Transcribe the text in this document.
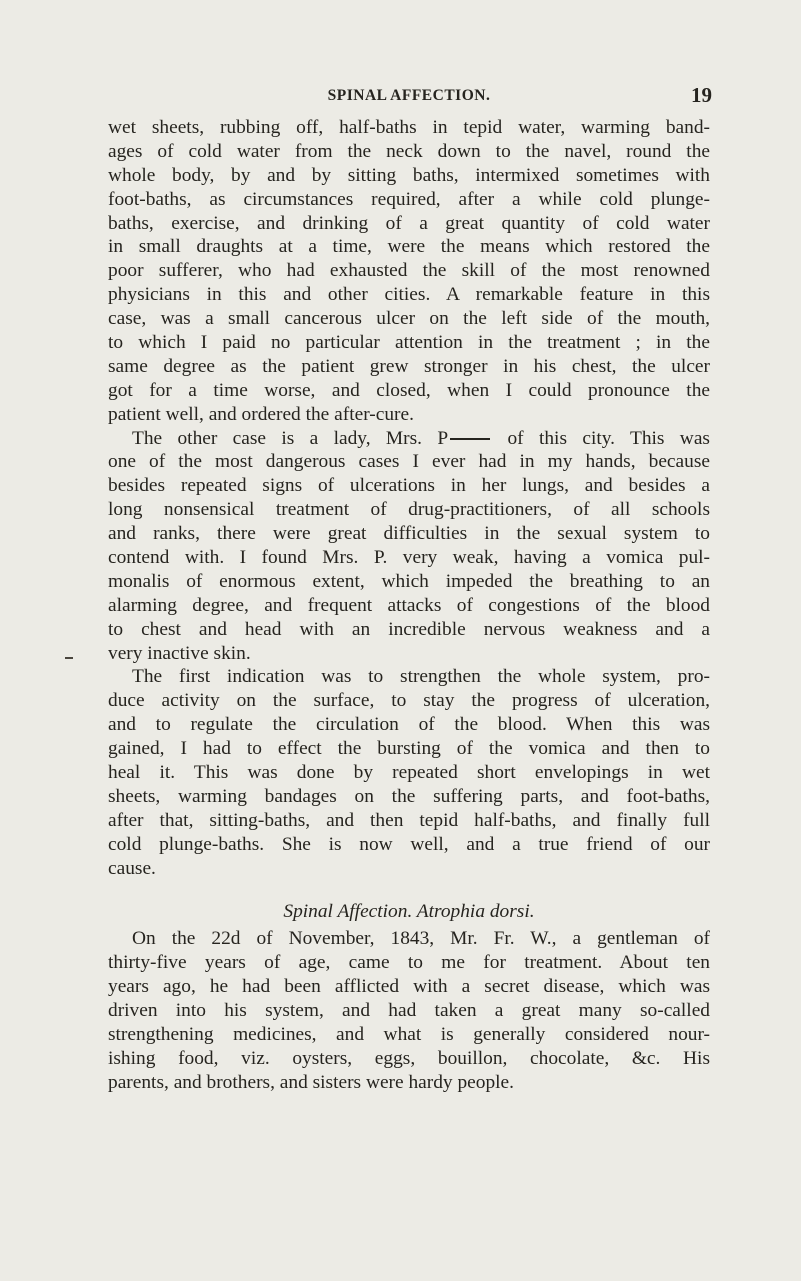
SPINAL AFFECTION.	19
wet sheets, rubbing off, half-baths in tepid water, warming band-
ages of cold water from the neck down to the navel, round the
whole body, by and by sitting baths, intermixed sometimes with
foot-baths, as circumstances required, after a while cold plunge-
baths, exercise, and drinking of a great quantity of cold water
in small draughts at a time, were the means which restored the
poor sufferer, who had exhausted the skill of the most renowned
physicians in this and other cities. A remarkable feature in this
case, was a small cancerous ulcer on the left side of the mouth,
to which I paid no particular attention in the treatment ; in the
same degree as the patient grew stronger in his chest, the ulcer
got for a time worse, and closed, when I could pronounce the
patient well, and ordered the after-cure.
The other case is a lady, Mrs. P	of this city. This was
one of the most dangerous cases I ever had in my hands, because
besides repeated signs of ulcerations in her lungs, and besides a
long nonsensical treatment of drug-practitioners, of all schools
and ranks, there were great difficulties in the sexual system to
contend with. I found Mrs. P. very weak, having a vomica pul-
monalis of enormous extent, which impeded the breathing to an
alarming degree, and frequent attacks of congestions of the blood
to chest and head with an incredible nervous weakness and a
very inactive skin.
The first indication was to strengthen the whole system, pro-
duce activity on the surface, to stay the progress of ulceration,
and to regulate the circulation of the blood. When this was
gained, I had to effect the bursting of the vomica and then to
heal it. This was done by repeated short envelopings in wet
sheets, warming bandages on the suffering parts, and foot-baths,
after that, sitting-baths, and then tepid half-baths, and finally full
cold plunge-baths. She is now well, and a true friend of our
cause.
Spinal Affection. Atrophia dorsi.
On the 22d of November, 1843, Mr. Fr. W., a gentleman of
thirty-five years of age, came to me for treatment. About ten
years ago, he had been afflicted with a secret disease, which was
driven into his system, and had taken a great many so-called
strengthening medicines, and what is generally considered nour-
ishing food, viz. oysters, eggs, bouillon, chocolate, &c. His
parents, and brothers, and sisters were hardy people.
